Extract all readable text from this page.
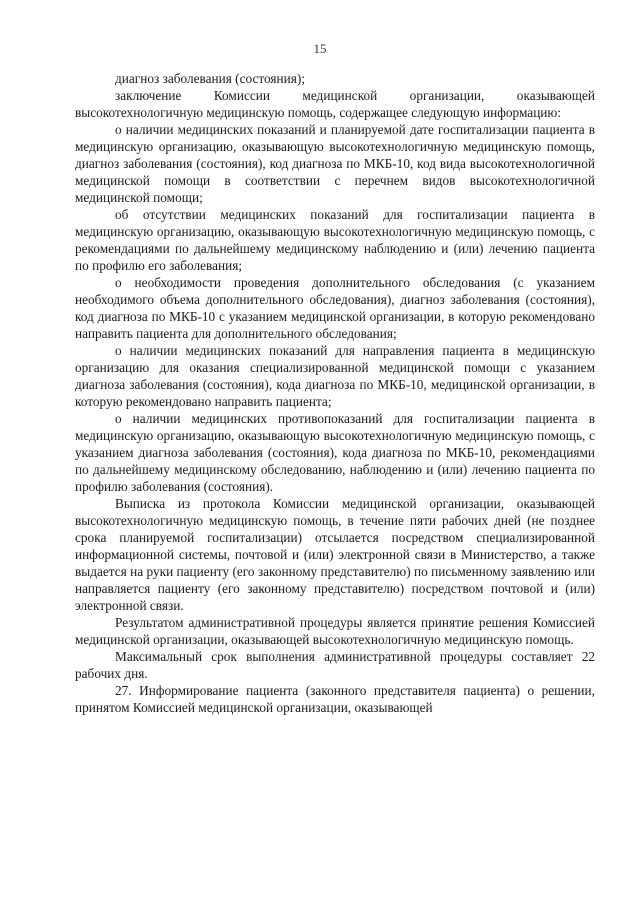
15

диагноз заболевания (состояния);

заключение Комиссии медицинской организации, оказывающей высокотехнологичную медицинскую помощь, содержащее следующую информацию:

о наличии медицинских показаний и планируемой дате госпитализации пациента в медицинскую организацию, оказывающую высокотехнологичную медицинскую помощь, диагноз заболевания (состояния), код диагноза по МКБ-10, код вида высокотехнологичной медицинской помощи в соответствии с перечнем видов высокотехнологичной медицинской помощи;

об отсутствии медицинских показаний для госпитализации пациента в медицинскую организацию, оказывающую высокотехнологичную медицинскую помощь, с рекомендациями по дальнейшему медицинскому наблюдению и (или) лечению пациента по профилю его заболевания;

о необходимости проведения дополнительного обследования (с указанием необходимого объема дополнительного обследования), диагноз заболевания (состояния), код диагноза по МКБ-10 с указанием медицинской организации, в которую рекомендовано направить пациента для дополнительного обследования;

о наличии медицинских показаний для направления пациента в медицинскую организацию для оказания специализированной медицинской помощи с указанием диагноза заболевания (состояния), кода диагноза по МКБ-10, медицинской организации, в которую рекомендовано направить пациента;

о наличии медицинских противопоказаний для госпитализации пациента в медицинскую организацию, оказывающую высокотехнологичную медицинскую помощь, с указанием диагноза заболевания (состояния), кода диагноза по МКБ-10, рекомендациями по дальнейшему медицинскому обследованию, наблюдению и (или) лечению пациента по профилю заболевания (состояния).

Выписка из протокола Комиссии медицинской организации, оказывающей высокотехнологичную медицинскую помощь, в течение пяти рабочих дней (не позднее срока планируемой госпитализации) отсылается посредством специализированной информационной системы, почтовой и (или) электронной связи в Министерство, а также выдается на руки пациенту (его законному представителю) по письменному заявлению или направляется пациенту (его законному представителю) посредством почтовой и (или) электронной связи.

Результатом административной процедуры является принятие решения Комиссией медицинской организации, оказывающей высокотехнологичную медицинскую помощь.

Максимальный срок выполнения административной процедуры составляет 22 рабочих дня.

27. Информирование пациента (законного представителя пациента) о решении, принятом Комиссией медицинской организации, оказывающей
